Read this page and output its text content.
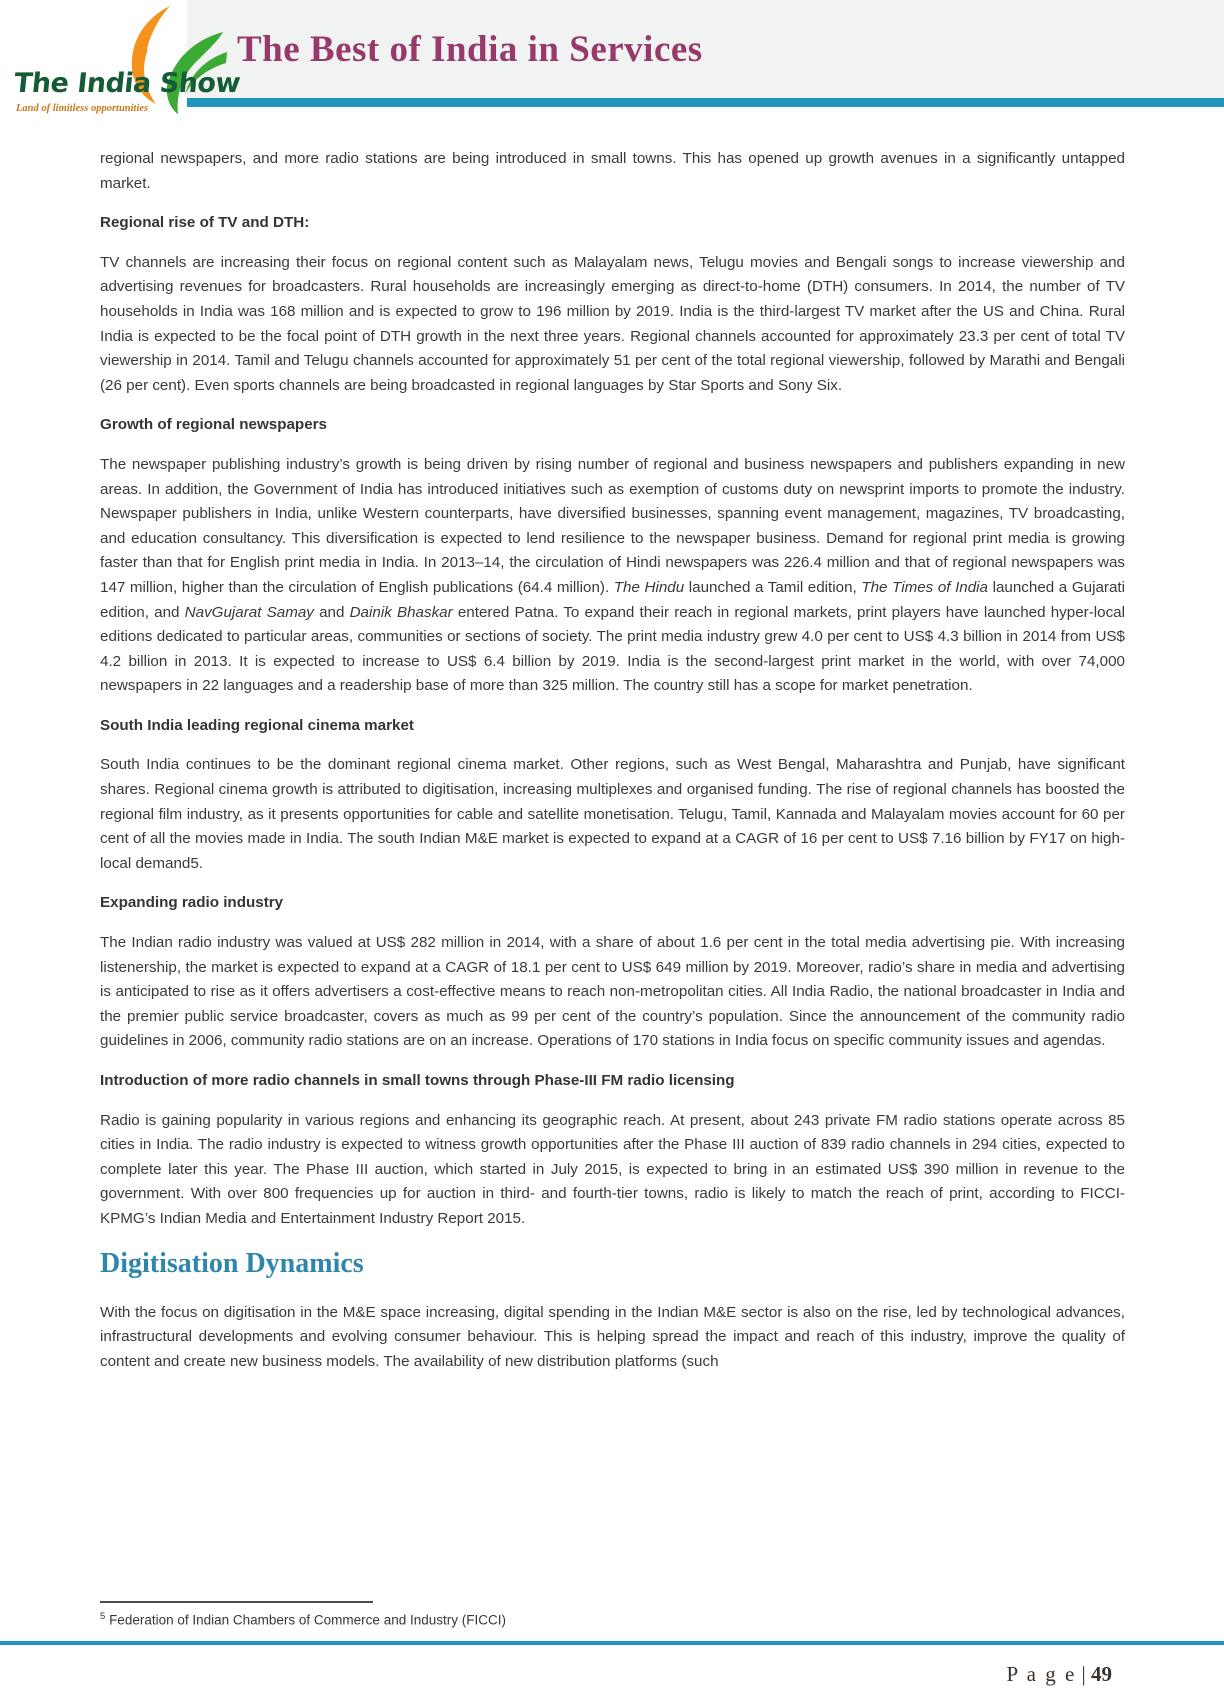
The Best of India in Services
The India Show
Land of limitless opportunities

regional newspapers, and more radio stations are being introduced in small towns. This has opened up growth avenues in a significantly untapped market.

Regional rise of TV and DTH:

TV channels are increasing their focus on regional content such as Malayalam news, Telugu movies and Bengali songs to increase viewership and advertising revenues for broadcasters. Rural households are increasingly emerging as direct-to-home (DTH) consumers. In 2014, the number of TV households in India was 168 million and is expected to grow to 196 million by 2019. India is the third-largest TV market after the US and China. Rural India is expected to be the focal point of DTH growth in the next three years. Regional channels accounted for approximately 23.3 per cent of total TV viewership in 2014. Tamil and Telugu channels accounted for approximately 51 per cent of the total regional viewership, followed by Marathi and Bengali (26 per cent). Even sports channels are being broadcasted in regional languages by Star Sports and Sony Six.

Growth of regional newspapers

The newspaper publishing industry’s growth is being driven by rising number of regional and business newspapers and publishers expanding in new areas. In addition, the Government of India has introduced initiatives such as exemption of customs duty on newsprint imports to promote the industry. Newspaper publishers in India, unlike Western counterparts, have diversified businesses, spanning event management, magazines, TV broadcasting, and education consultancy. This diversification is expected to lend resilience to the newspaper business. Demand for regional print media is growing faster than that for English print media in India. In 2013–14, the circulation of Hindi newspapers was 226.4 million and that of regional newspapers was 147 million, higher than the circulation of English publications (64.4 million). The Hindu launched a Tamil edition, The Times of India launched a Gujarati edition, and NavGujarat Samay and Dainik Bhaskar entered Patna. To expand their reach in regional markets, print players have launched hyper-local editions dedicated to particular areas, communities or sections of society. The print media industry grew 4.0 per cent to US$ 4.3 billion in 2014 from US$ 4.2 billion in 2013. It is expected to increase to US$ 6.4 billion by 2019. India is the second-largest print market in the world, with over 74,000 newspapers in 22 languages and a readership base of more than 325 million. The country still has a scope for market penetration.

South India leading regional cinema market

South India continues to be the dominant regional cinema market. Other regions, such as West Bengal, Maharashtra and Punjab, have significant shares. Regional cinema growth is attributed to digitisation, increasing multiplexes and organised funding. The rise of regional channels has boosted the regional film industry, as it presents opportunities for cable and satellite monetisation. Telugu, Tamil, Kannada and Malayalam movies account for 60 per cent of all the movies made in India. The south Indian M&E market is expected to expand at a CAGR of 16 per cent to US$ 7.16 billion by FY17 on high-local demand5.

Expanding radio industry

The Indian radio industry was valued at US$ 282 million in 2014, with a share of about 1.6 per cent in the total media advertising pie. With increasing listenership, the market is expected to expand at a CAGR of 18.1 per cent to US$ 649 million by 2019. Moreover, radio’s share in media and advertising is anticipated to rise as it offers advertisers a cost-effective means to reach non-metropolitan cities. All India Radio, the national broadcaster in India and the premier public service broadcaster, covers as much as 99 per cent of the country’s population. Since the announcement of the community radio guidelines in 2006, community radio stations are on an increase. Operations of 170 stations in India focus on specific community issues and agendas.

Introduction of more radio channels in small towns through Phase-III FM radio licensing

Radio is gaining popularity in various regions and enhancing its geographic reach. At present, about 243 private FM radio stations operate across 85 cities in India. The radio industry is expected to witness growth opportunities after the Phase III auction of 839 radio channels in 294 cities, expected to complete later this year. The Phase III auction, which started in July 2015, is expected to bring in an estimated US$ 390 million in revenue to the government. With over 800 frequencies up for auction in third- and fourth-tier towns, radio is likely to match the reach of print, according to FICCI-KPMG’s Indian Media and Entertainment Industry Report 2015.

Digitisation Dynamics

With the focus on digitisation in the M&E space increasing, digital spending in the Indian M&E sector is also on the rise, led by technological advances, infrastructural developments and evolving consumer behaviour. This is helping spread the impact and reach of this industry, improve the quality of content and create new business models. The availability of new distribution platforms (such

$^5$ Federation of Indian Chambers of Commerce and Industry (FICCI)
P a g e | 49
